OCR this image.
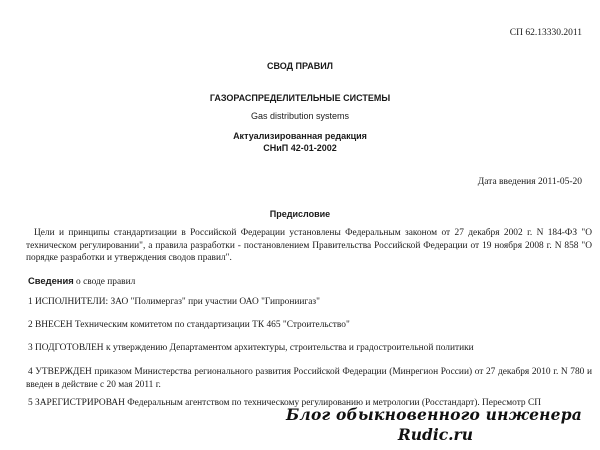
СП 62.13330.2011
СВОД ПРАВИЛ
ГАЗОРАСПРЕДЕЛИТЕЛЬНЫЕ СИСТЕМЫ
Gas distribution systems
Актуализированная редакция
СНиП 42-01-2002
Дата введения 2011-05-20
Предисловие
Цели и принципы стандартизации в Российской Федерации установлены Федеральным законом от 27 декабря 2002 г. N 184-ФЗ "О техническом регулировании", а правила разработки - постановлением Правительства Российской Федерации от 19 ноября 2008 г. N 858 "О порядке разработки и утверждения сводов правил".
Сведения о своде правил
1 ИСПОЛНИТЕЛИ: ЗАО "Полимергаз" при участии ОАО "Гипрониигаз"
2 ВНЕСЕН Техническим комитетом по стандартизации ТК 465 "Строительство"
3 ПОДГОТОВЛЕН к утверждению Департаментом архитектуры, строительства и градостроительной политики
4 УТВЕРЖДЕН приказом Министерства регионального развития Российской Федерации (Минрегион России) от 27 декабря 2010 г. N 780 и введен в действие с 20 мая 2011 г.
5 ЗАРЕГИСТРИРОВАН Федеральным агентством по техническому регулированию и метрологии (Росстандарт). Пересмотр СП
Блог обыкновенного инженера
Rudic.ru
